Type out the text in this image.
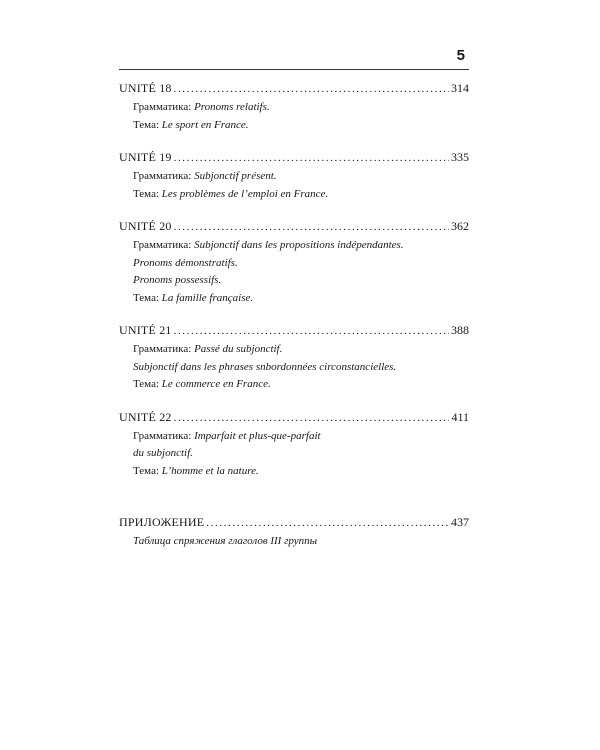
5
UNITÉ 18 .....	314
Грамматика: Pronoms relatifs.
Тема: Le sport en France.
UNITÉ 19 .....	335
Грамматика: Subjonctif présent.
Тема: Les problèmes de l’emploi en France.
UNITÉ 20 .....	362
Грамматика: Subjonctif dans les propositions indépendantes.
Pronoms démonstratifs.
Pronoms possessifs.
Тема: La famille française.
UNITÉ 21 .....	388
Грамматика: Passé du subjonctif.
Subjonctif dans les phrases snbordonnées circonstancielles.
Тема: Le commerce en France.
UNITÉ 22 .....	411
Грамматика: Imparfait et plus-que-parfait
du subjonctif.
Тема: L’homme et la nature.
ПРИЛОЖЕНИЕ .....	437
Таблица спряжения глаголов III группы
